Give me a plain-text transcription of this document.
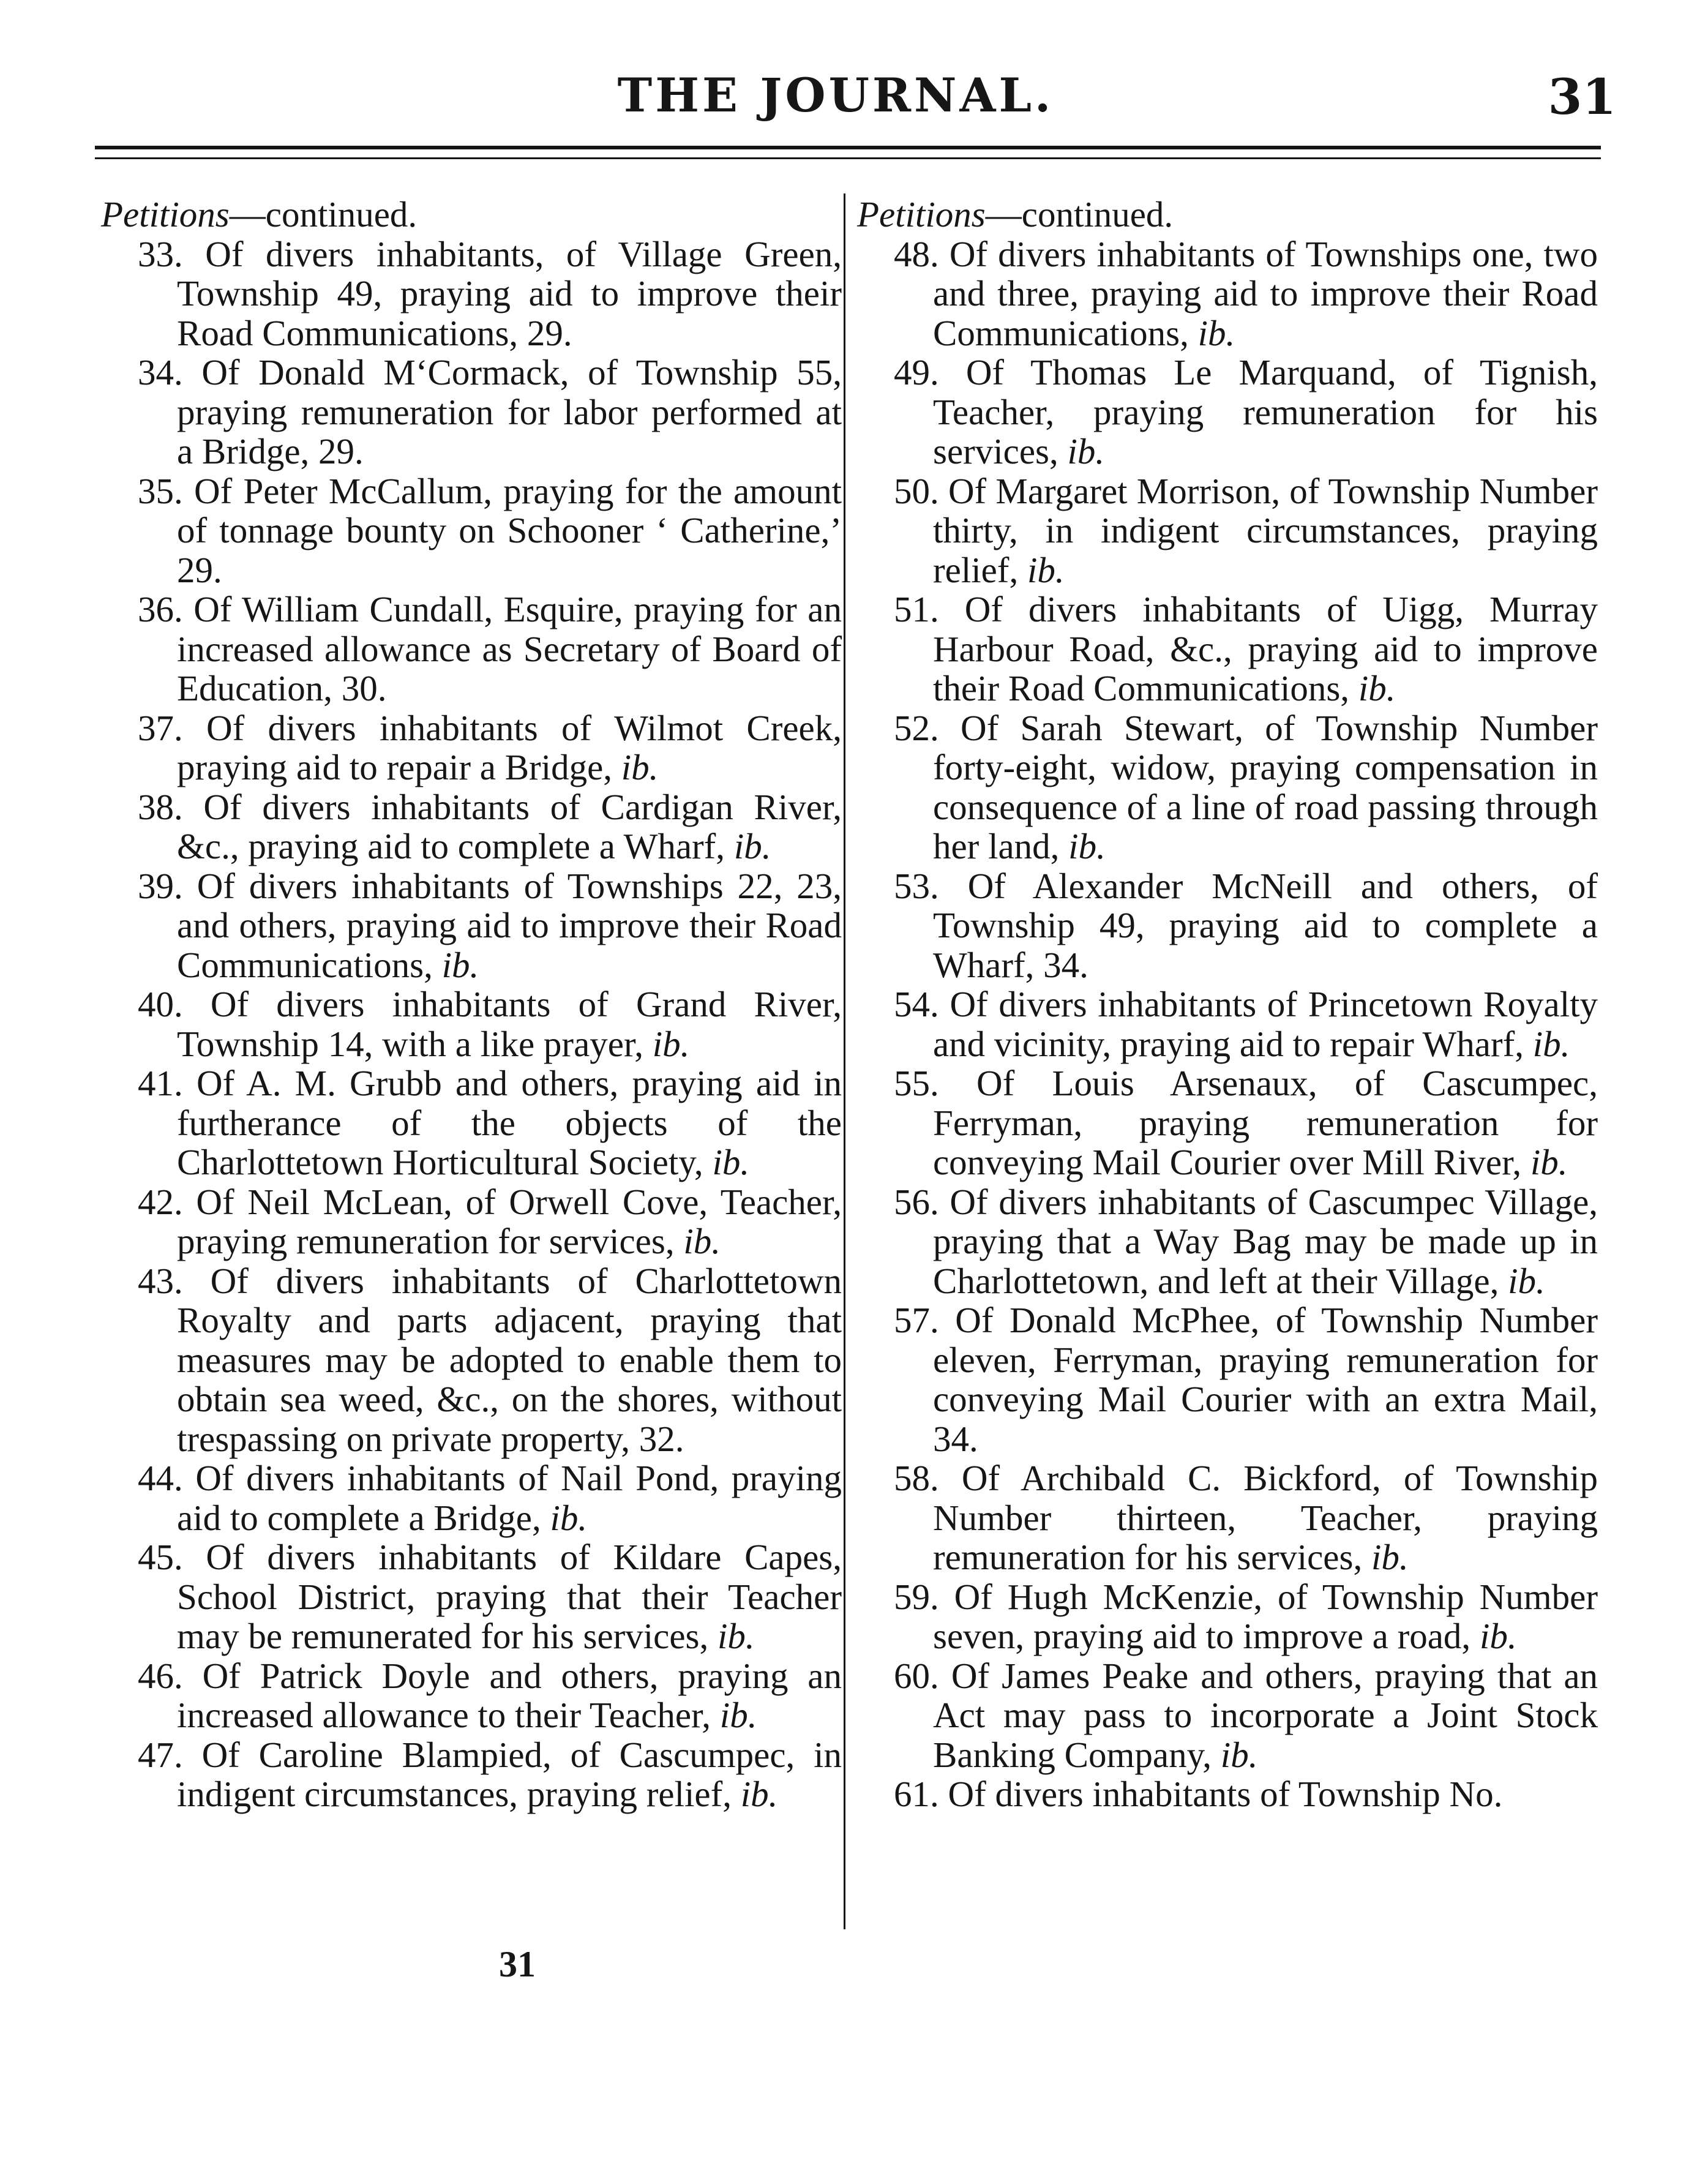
THE JOURNAL.	31

Petitions—continued.

33. Of divers inhabitants, of Village Green, Township 49, praying aid to improve their Road Communications, 29.

34. Of Donald M‘Cormack, of Township 55, praying remuneration for labor performed at a Bridge, 29.

35. Of Peter McCallum, praying for the amount of tonnage bounty on Schooner ‘ Catherine,’ 29.

36. Of William Cundall, Esquire, praying for an increased allowance as Secretary of Board of Education, 30.

37. Of divers inhabitants of Wilmot Creek, praying aid to repair a Bridge, ib.

38. Of divers inhabitants of Cardigan River, &c., praying aid to complete a Wharf, ib.

39. Of divers inhabitants of Townships 22, 23, and others, praying aid to improve their Road Communications, ib.

40. Of divers inhabitants of Grand River, Township 14, with a like prayer, ib.

41. Of A. M. Grubb and others, praying aid in furtherance of the objects of the Charlottetown Horticultural Society, ib.

42. Of Neil McLean, of Orwell Cove, Teacher, praying remuneration for services, ib.

43. Of divers inhabitants of Charlottetown Royalty and parts adjacent, praying that measures may be adopted to enable them to obtain sea weed, &c., on the shores, without trespassing on private property, 32.

44. Of divers inhabitants of Nail Pond, praying aid to complete a Bridge, ib.

45. Of divers inhabitants of Kildare Capes, School District, praying that their Teacher may be remunerated for his services, ib.

46. Of Patrick Doyle and others, praying an increased allowance to their Teacher, ib.

47. Of Caroline Blampied, of Cascumpec, in indigent circumstances, praying relief, ib.

Petitions—continued.

48. Of divers inhabitants of Townships one, two and three, praying aid to improve their Road Communications, ib.

49. Of Thomas Le Marquand, of Tignish, Teacher, praying remuneration for his services, ib.

50. Of Margaret Morrison, of Township Number thirty, in indigent circumstances, praying relief, ib.

51. Of divers inhabitants of Uigg, Murray Harbour Road, &c., praying aid to improve their Road Communications, ib.

52. Of Sarah Stewart, of Township Number forty-eight, widow, praying compensation in consequence of a line of road passing through her land, ib.

53. Of Alexander McNeill and others, of Township 49, praying aid to complete a Wharf, 34.

54. Of divers inhabitants of Princetown Royalty and vicinity, praying aid to repair Wharf, ib.

55. Of Louis Arsenaux, of Cascumpec, Ferryman, praying remuneration for conveying Mail Courier over Mill River, ib.

56. Of divers inhabitants of Cascumpec Village, praying that a Way Bag may be made up in Charlottetown, and left at their Village, ib.

57. Of Donald McPhee, of Township Number eleven, Ferryman, praying remuneration for conveying Mail Courier with an extra Mail, 34.

58. Of Archibald C. Bickford, of Township Number thirteen, Teacher, praying remuneration for his services, ib.

59. Of Hugh McKenzie, of Township Number seven, praying aid to improve a road, ib.

60. Of James Peake and others, praying that an Act may pass to incorporate a Joint Stock Banking Company, ib.

61. Of divers inhabitants of Township No.

31
